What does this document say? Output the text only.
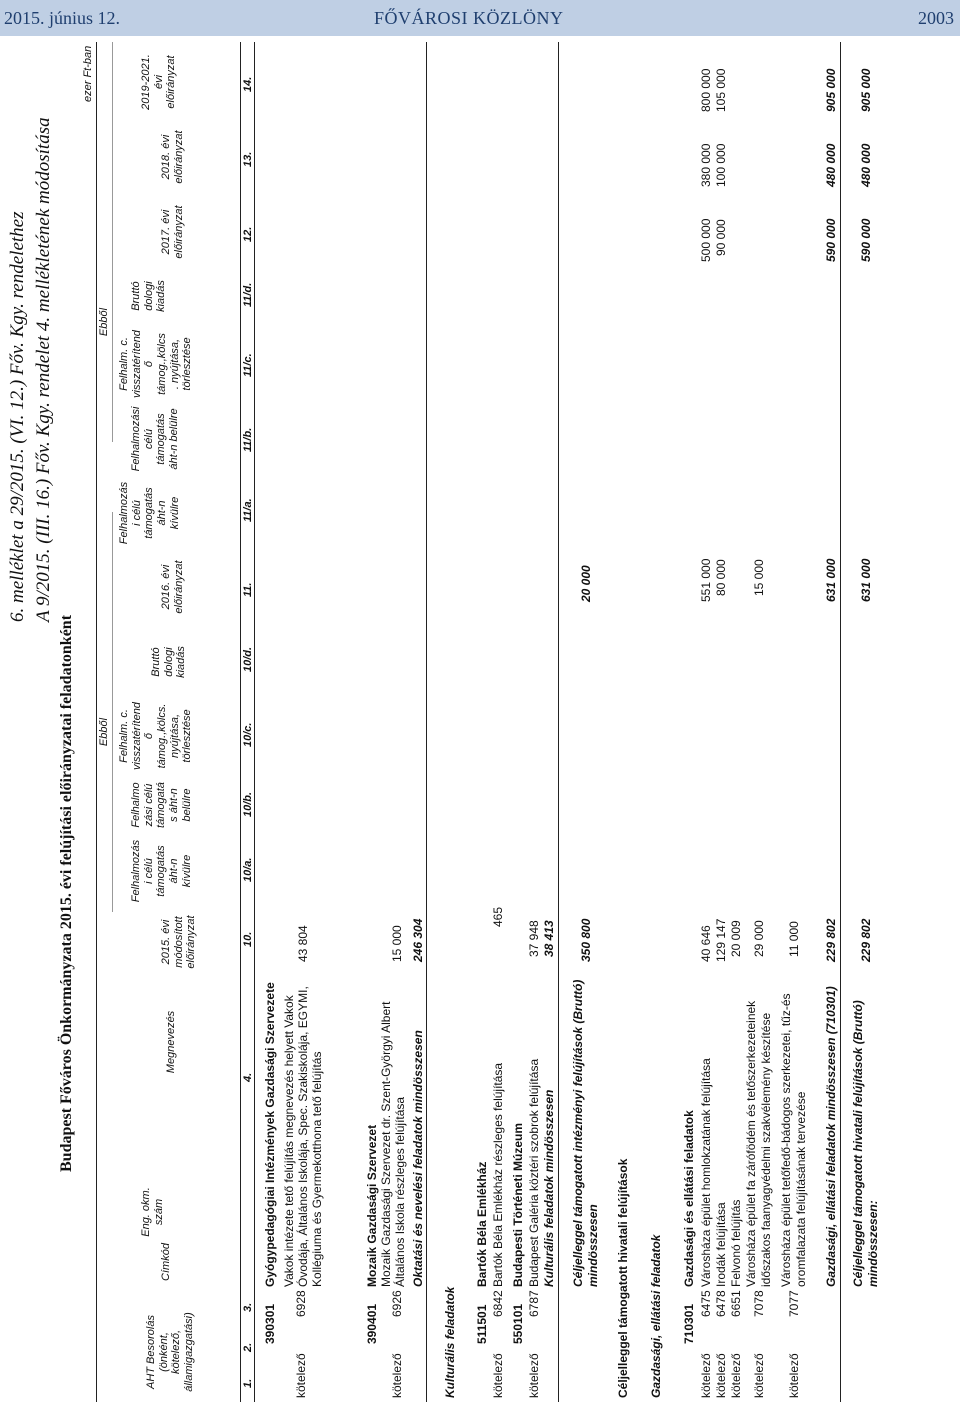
2015. június 12.	FŐVÁROSI KÖZLÖNY	2003
6. melléklet a 29/2015. (VI. 12.) Főv. Kgy. rendelethez A 9/2015. (III. 16.) Főv. Kgy. rendelet 4. mellékletének módosítása
Budapest Főváros Önkormányzata 2015. évi felújítási előirányzatai feladatonként
ezer Ft-ban
AHT Besorolás (önként,
kötelező,
államigazgatási)
Címkód
Eng. okm. szám
Megnevezés
2015. évi
módosított
előirányzat
Ebből
Felhalmozás
i célú
támogatás
áht-n
kívülre
Felhalmo
zási célú
támogatá
s áht-n
belülre
Felhalm. c.
visszatérítend
ő
támog.,kölcs.
nyújtása,
törlesztése
Bruttó
dologi
kiadás
2016. évi
előirányzat
Ebből
Felhalmozás
i célú
támogatás
áht-n
kívülre
Felhalmozási
célú
támogatás
áht-n belülre
Felhalm. c.
visszatérítend
ő
támog.,kölcs
. nyújtása,
törlesztése
Bruttó
dologi
kiadás
2017. évi
előirányzat
2018. évi
előirányzat
2019-2021.
évi
előirányzat
1.
2.
3.
4.
10.
10/a.
10/b.
10/c.
10/d.
11.
11/a.
11/b.
11/c.
11/d.
12.
13.
14.
390301
Gyógypedagógiai Intézmények Gazdasági Szervezete
kötelező
6928
Vakok intézete tető felújítás megnevezés helyett Vakok Óvodája, Általános Iskolája, Spec. Szakiskolája, EGYMI, Kollégiuma és Gyermekotthona tető felújítás
43 804
390401
Mozaik Gazdasági Szervezet
kötelező
6926
Mozaik Gazdasági Szervezet dr. Szent-Györgyi Albert Általános Iskola részleges felújítása
15 000
Oktatási és nevelési feladatok mindösszesen
246 304
Kulturális feladatok 511501
Bartók Béla Emlékház
kötelező
6842
Bartók Béla Emlékház részleges felújítása
465
550101
Budapesti Történeti Múzeum
kötelező
6787
Budapest Galéria köztéri szobrok felújítása
37 948
Kulturális feladatok mindösszesen
38 413
Céljelleggel támogatott intézményi felújítások (Bruttó) mindösszesen
350 800
20 000
Céljelleggel támogatott hivatali felújítások Gazdasági, ellátási feladatok 710301
Gazdasági és ellátási feladatok
kötelező
6475
Városháza épület homlokzatának felújítása
40 646
551 000
500 000
380 000
800 000
kötelező
6478
Irodák felújítása
129 147
80 000
90 000
100 000
105 000
kötelező
6651
Felvonó felújítás
20 009
kötelező
7078
Városháza épület fa zárófödém és tetőszerkezeteinek időszakos faanyagvédelmi szakvélemény készítése
29 000
15 000
kötelező
7077
Városháza épület tetőfedő-bádogos szerkezetei, tűz-és oromfalazata felújításának tervezése
11 000
Gazdasági, ellátási feladatok mindösszesen (710301)
229 802
631 000
590 000
480 000
905 000
Céljelleggel támogatott hivatali felújítások (Bruttó) mindösszesen:
229 802
631 000
590 000
480 000
905 000
